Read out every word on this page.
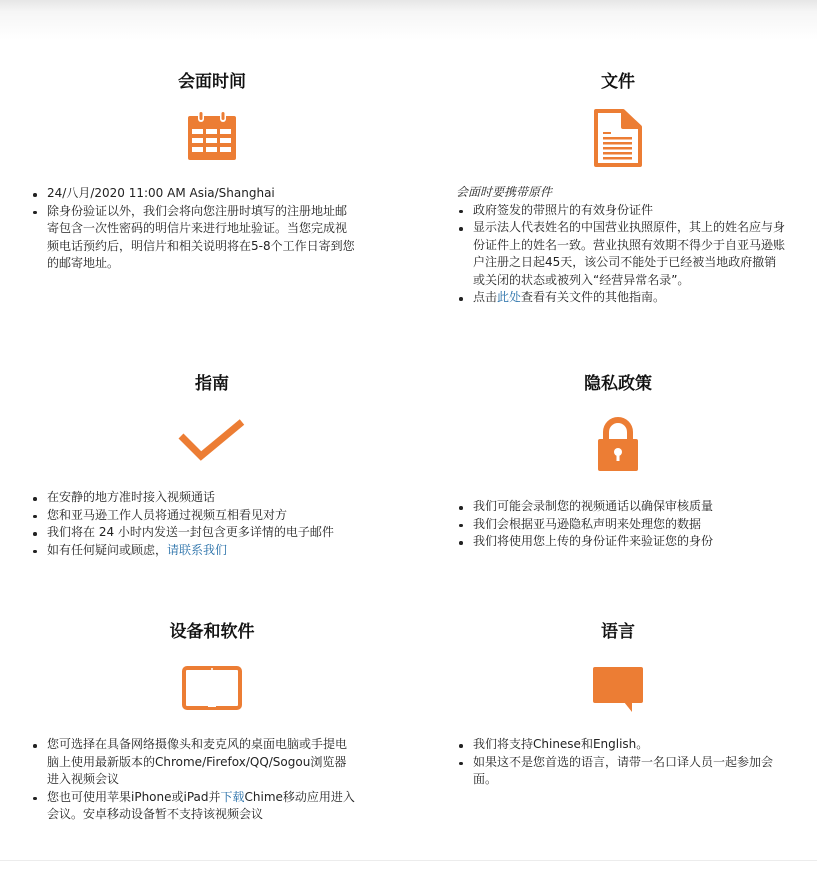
会面时间
24/八月/2020 11:00 AM Asia/Shanghai
除身份验证以外，我们会将向您注册时填写的注册地址邮寄包含一次性密码的明信片来进行地址验证。当您完成视频电话预约后，明信片和相关说明将在5-8个工作日寄到您的邮寄地址。
文件
会面时要携带原件
政府签发的带照片的有效身份证件
显示法人代表姓名的中国营业执照原件，其上的姓名应与身份证件上的姓名一致。营业执照有效期不得少于自亚马逊账户注册之日起45天，该公司不能处于已经被当地政府撤销或关闭的状态或被列入“经营异常名录”。
点击此处查看有关文件的其他指南。
指南
在安静的地方准时接入视频通话
您和亚马逊工作人员将通过视频互相看见对方
我们将在 24 小时内发送一封包含更多详情的电子邮件
如有任何疑问或顾虑，请联系我们
隐私政策
我们可能会录制您的视频通话以确保审核质量
我们会根据亚马逊隐私声明来处理您的数据
我们将使用您上传的身份证件来验证您的身份
设备和软件
您可选择在具备网络摄像头和麦克风的桌面电脑或手提电脑上使用最新版本的Chrome/Firefox/QQ/Sogou浏览器进入视频会议
您也可使用苹果iPhone或iPad并下载Chime移动应用进入会议。安卓移动设备暂不支持该视频会议
语言
我们将支持Chinese和English。
如果这不是您首选的语言，请带一名口译人员一起参加会面。
